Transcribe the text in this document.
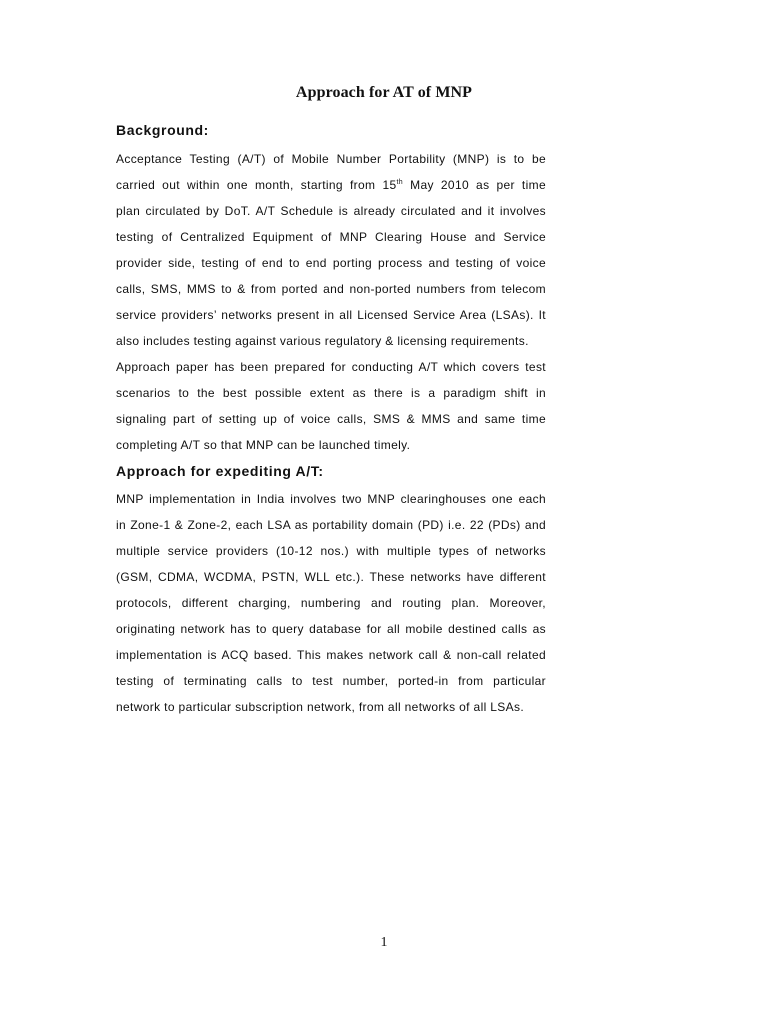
Approach for AT of MNP
Background:
Acceptance Testing (A/T) of Mobile Number Portability (MNP) is to be
carried out within one month, starting from 15th May 2010 as per time
plan circulated by DoT. A/T Schedule is already circulated and it involves
testing of Centralized Equipment of MNP Clearing House and Service
provider side, testing of end to end porting process and testing of voice
calls, SMS, MMS to & from ported and non-ported numbers from telecom
service providers’ networks present in all Licensed Service Area (LSAs). It
also includes testing against various regulatory & licensing requirements.
Approach paper has been prepared for conducting A/T which covers test
scenarios to the best possible extent as there is a paradigm shift in
signaling part of setting up of voice calls, SMS & MMS and same time
completing A/T so that MNP can be launched timely.
Approach for expediting A/T:
MNP implementation in India involves two MNP clearinghouses one each
in Zone-1 & Zone-2, each LSA as portability domain (PD) i.e. 22 (PDs) and
multiple service providers (10-12 nos.) with multiple types of networks
(GSM, CDMA, WCDMA, PSTN, WLL etc.). These networks have different
protocols, different charging, numbering and routing plan. Moreover,
originating network has to query database for all mobile destined calls as
implementation is ACQ based. This makes network call & non-call related
testing of terminating calls to test number, ported-in from particular
network to particular subscription network, from all networks of all LSAs.
1
